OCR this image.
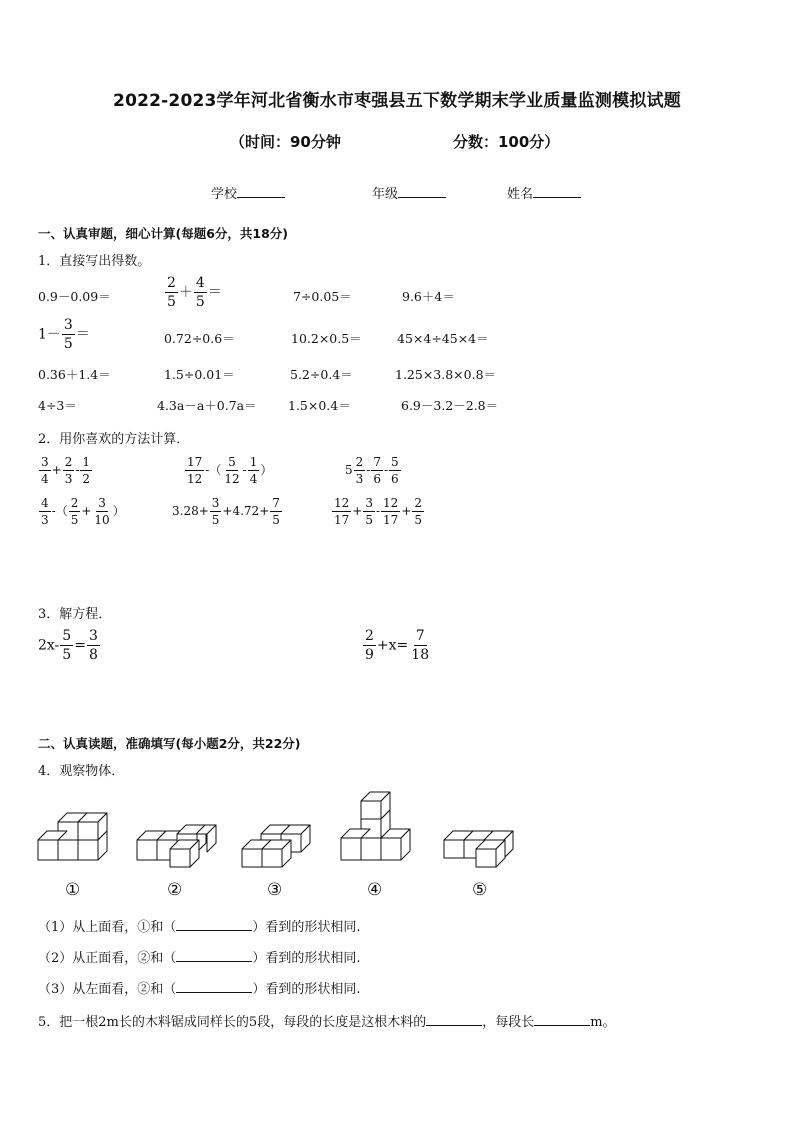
2022-2023学年河北省衡水市枣强县五下数学期末学业质量监测模拟试题
（时间：90分钟	分数：100分）
学校	年级	姓名
一、认真审题，细心计算(每题6分，共18分)
1．直接写出得数。
0.9－0.09＝	$\frac{2}{5} + \frac{4}{5}$ ＝	7÷0.05＝	9.6＋4＝
$1- \frac{3}{5}$ ＝	0.72÷0.6＝	10.2×0.5＝	45×4÷45×4＝
0.36＋1.4＝	1.5÷0.01＝	5.2÷0.4＝	1.25×3.8×0.8＝
4÷3＝	4.3a－a＋0.7a＝	1.5×0.4＝	6.9－3.2－2.8＝
2．用你喜欢的方法计算．
$\frac{3}{4} + \frac{2}{3} - \frac{1}{2}$	$\frac{17}{12}$ -（ $\frac{5}{12} - \frac{1}{4}$ ）	$5 \frac{2}{3} - \frac{7}{6} - \frac{5}{6}$
$\frac{4}{3}$ -（ $\frac{2}{5} + \frac{3}{10}$ ）	$3.28+ \frac{3}{5} +4.72+ \frac{7}{5}$	$\frac{12}{17} + \frac{3}{5} - \frac{12}{17} + \frac{2}{5}$
3．解方程．
$2x- \frac{5}{5} = \frac{3}{8}$	$\frac{2}{9} +x= \frac{7}{18}$
二、认真读题，准确填写(每小题2分，共22分)
4．观察物体．
①	②	③	④	⑤
（1）从上面看，①和（	）看到的形状相同.
（2）从正面看，②和（	）看到的形状相同.
（3）从左面看，②和（	）看到的形状相同.
5．把一根2m长的木料锯成同样长的5段，每段的长度是这根木料的	，每段长	m。
